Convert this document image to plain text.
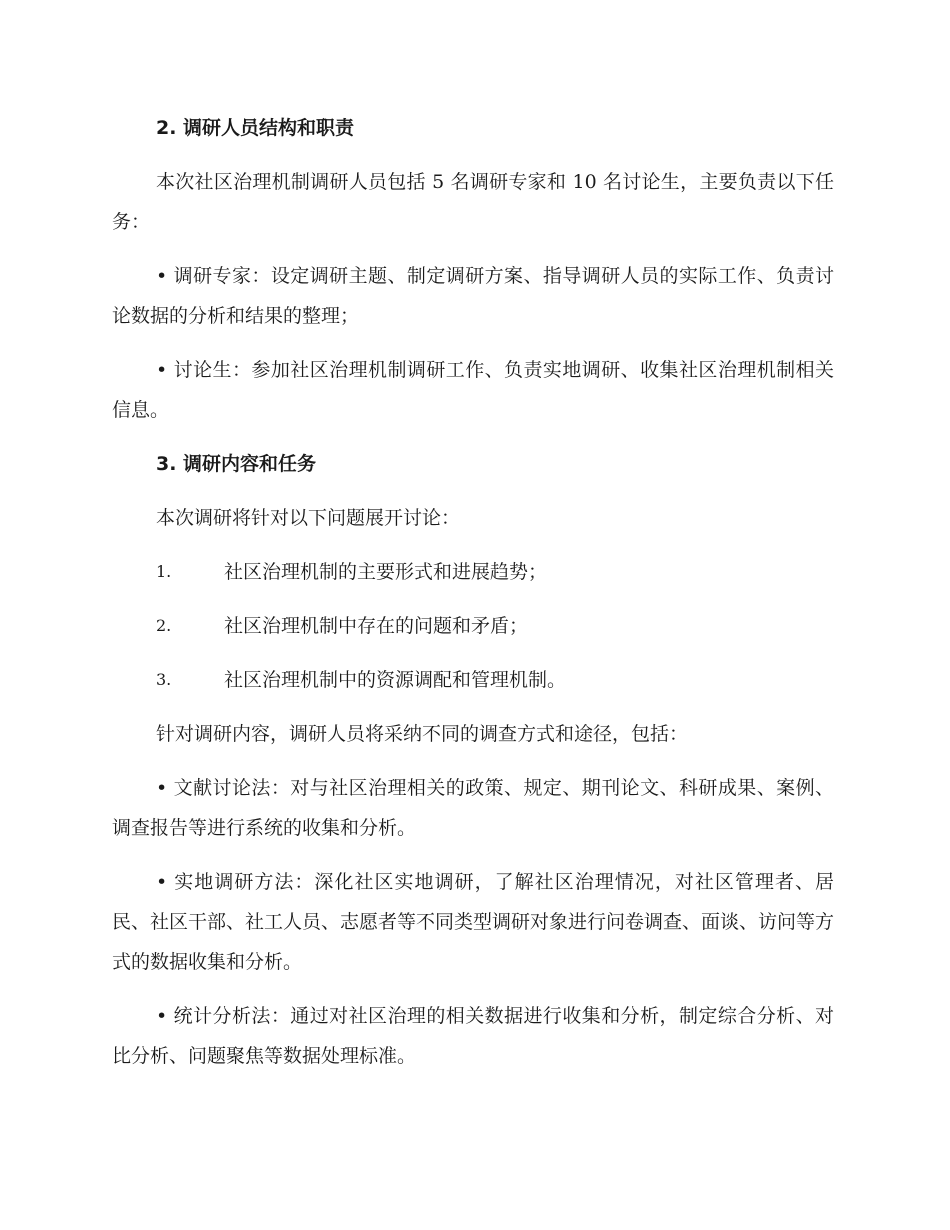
2. 调研人员结构和职责

本次社区治理机制调研人员包括 5 名调研专家和 10 名讨论生，主要负责以下任务：

• 调研专家：设定调研主题、制定调研方案、指导调研人员的实际工作、负责讨论数据的分析和结果的整理；

• 讨论生：参加社区治理机制调研工作、负责实地调研、收集社区治理机制相关信息。

3. 调研内容和任务

本次调研将针对以下问题展开讨论：

1.	社区治理机制的主要形式和进展趋势；
2.	社区治理机制中存在的问题和矛盾；
3.	社区治理机制中的资源调配和管理机制。

针对调研内容，调研人员将采纳不同的调查方式和途径，包括：

• 文献讨论法：对与社区治理相关的政策、规定、期刊论文、科研成果、案例、调查报告等进行系统的收集和分析。

• 实地调研方法：深化社区实地调研，了解社区治理情况，对社区管理者、居民、社区干部、社工人员、志愿者等不同类型调研对象进行问卷调查、面谈、访问等方式的数据收集和分析。

• 统计分析法：通过对社区治理的相关数据进行收集和分析，制定综合分析、对比分析、问题聚焦等数据处理标准。
